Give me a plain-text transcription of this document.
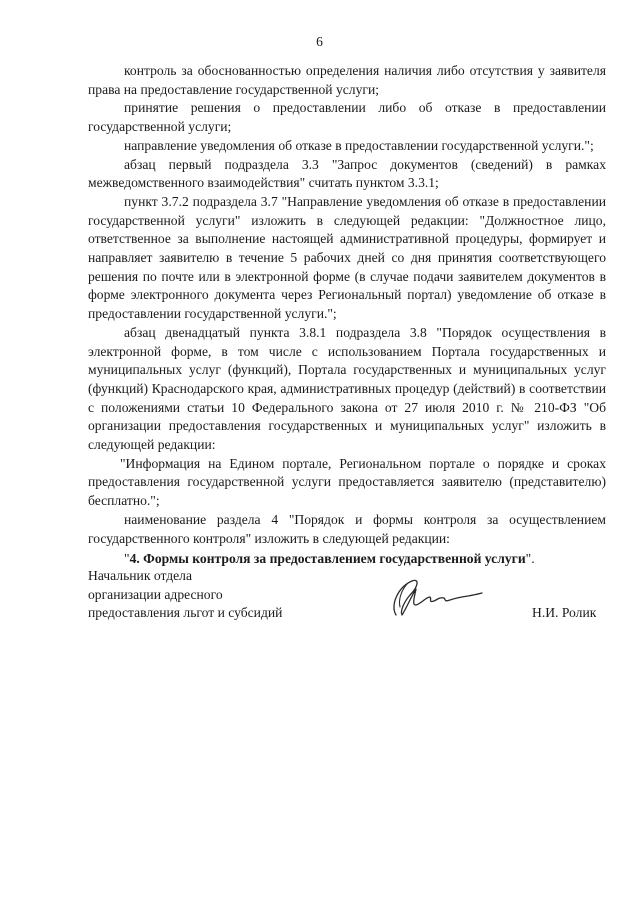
6

контроль за обоснованностью определения наличия либо отсутствия у заявителя права на предоставление государственной услуги;

принятие решения о предоставлении либо об отказе в предоставлении государственной услуги;

направление уведомления об отказе в предоставлении государственной услуги.";

абзац первый подраздела 3.3 "Запрос документов (сведений) в рамках межведомственного взаимодействия" считать пунктом 3.3.1;

пункт 3.7.2 подраздела 3.7 "Направление уведомления об отказе в предоставлении государственной услуги" изложить в следующей редакции: "Должностное лицо, ответственное за выполнение настоящей административной процедуры, формирует и направляет заявителю в течение 5 рабочих дней со дня принятия соответствующего решения по почте или в электронной форме (в случае подачи заявителем документов в форме электронного документа через Региональный портал) уведомление об отказе в предоставлении государственной услуги.";

абзац двенадцатый пункта 3.8.1 подраздела 3.8 "Порядок осуществления в электронной форме, в том числе с использованием Портала государственных и муниципальных услуг (функций), Портала государственных и муниципальных услуг (функций) Краснодарского края, административных процедур (действий) в соответствии с положениями статьи 10 Федерального закона от 27 июля 2010 г. № 210-ФЗ "Об организации предоставления государственных и муниципальных услуг" изложить в следующей редакции:

"Информация на Едином портале, Региональном портале о порядке и сроках предоставления государственной услуги предоставляется заявителю (представителю) бесплатно.";

наименование раздела 4 "Порядок и формы контроля за осуществлением государственного контроля" изложить в следующей редакции:

"4. Формы контроля за предоставлением государственной услуги".

Начальник отдела
организации адресного
предоставления льгот и субсидий	Н.И. Ролик
